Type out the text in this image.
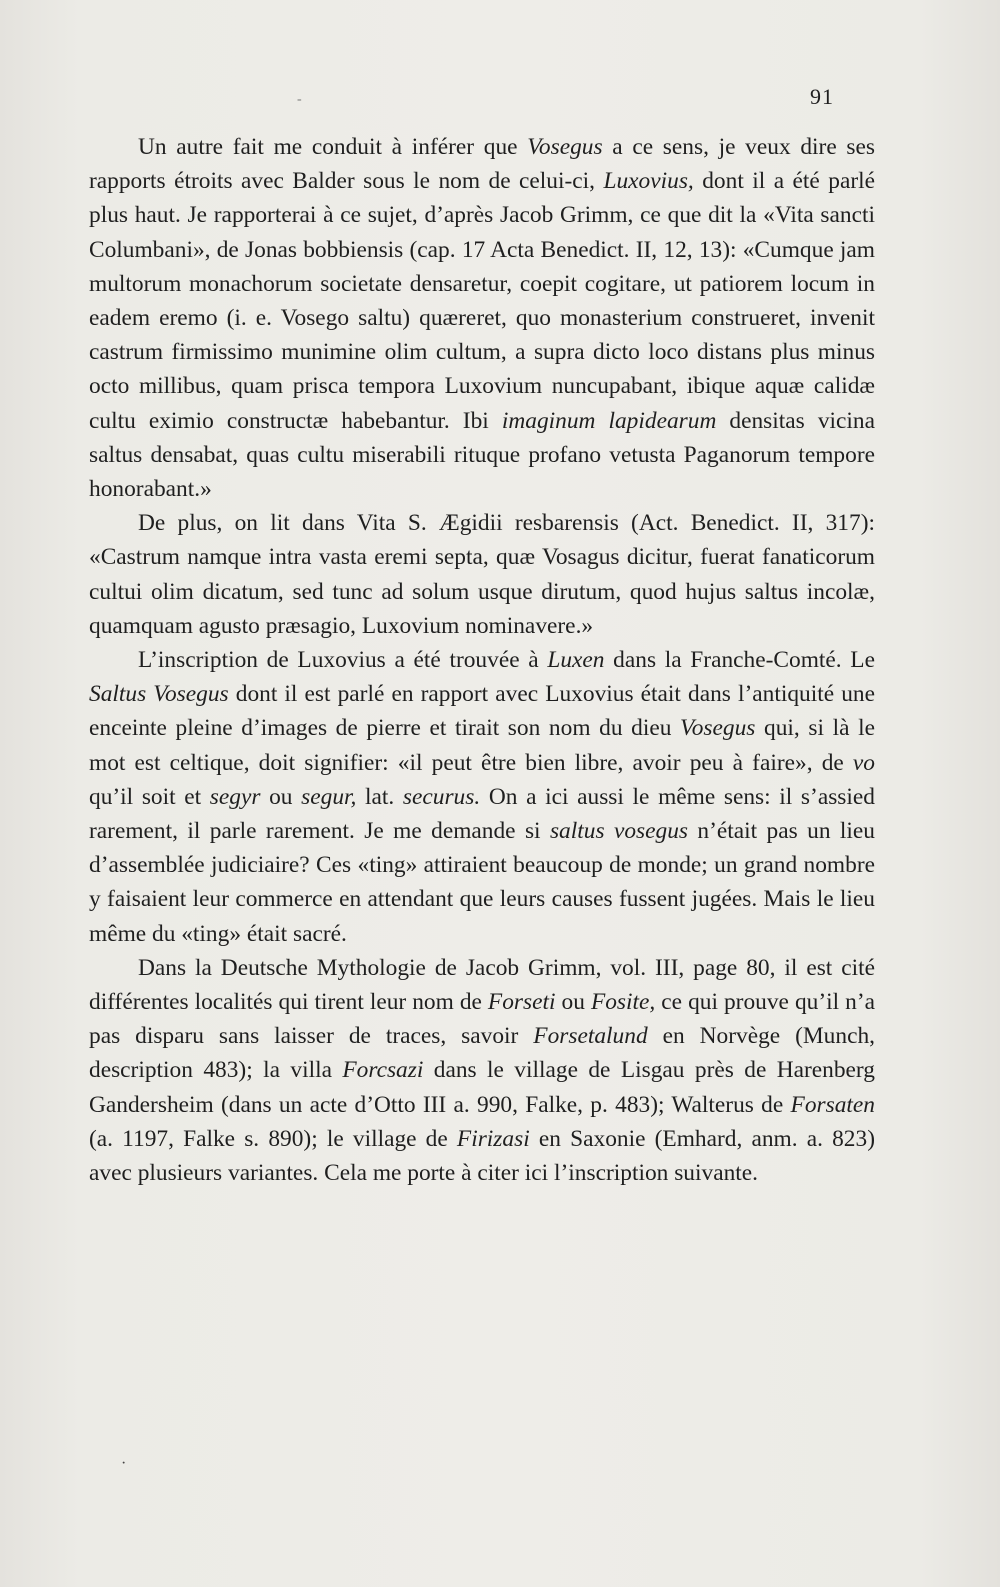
-	91

Un autre fait me conduit à inférer que Vosegus a ce sens, je veux dire ses rapports étroits avec Balder sous le nom de celui-ci, Luxovius, dont il a été parlé plus haut. Je rapporterai à ce sujet, d’après Jacob Grimm, ce que dit la «Vita sancti Columbani», de Jonas bobbiensis (cap. 17 Acta Benedict. II, 12, 13): «Cumque jam multorum monachorum societate densaretur, coepit cogitare, ut patiorem locum in eadem eremo (i. e. Vosego saltu) quæreret, quo monasterium construeret, invenit castrum firmissimo munimine olim cultum, a supra dicto loco distans plus minus octo millibus, quam prisca tempora Luxovium nuncupabant, ibique aquæ calidæ cultu eximio constructæ habebantur. Ibi imaginum lapidearum densitas vicina saltus densabat, quas cultu miserabili rituque profano vetusta Paganorum tempore honorabant.»

De plus, on lit dans Vita S. Ægidii resbarensis (Act. Benedict. II, 317): «Castrum namque intra vasta eremi septa, quæ Vosagus dicitur, fuerat fanaticorum cultui olim dicatum, sed tunc ad solum usque dirutum, quod hujus saltus incolæ, quamquam agusto præsagio, Luxovium nominavere.»

L’inscription de Luxovius a été trouvée à Luxen dans la Franche-Comté. Le Saltus Vosegus dont il est parlé en rapport avec Luxovius était dans l’antiquité une enceinte pleine d’images de pierre et tirait son nom du dieu Vosegus qui, si là le mot est celtique, doit signifier: «il peut être bien libre, avoir peu à faire», de vo qu’il soit et segyr ou segur, lat. securus. On a ici aussi le même sens: il s’assied rarement, il parle rarement. Je me demande si saltus vosegus n’était pas un lieu d’assemblée judiciaire? Ces «ting» attiraient beaucoup de monde; un grand nombre y faisaient leur commerce en attendant que leurs causes fussent jugées. Mais le lieu même du «ting» était sacré.

Dans la Deutsche Mythologie de Jacob Grimm, vol. III, page 80, il est cité différentes localités qui tirent leur nom de Forseti ou Fosite, ce qui prouve qu’il n’a pas disparu sans laisser de traces, savoir Forsetalund en Norvège (Munch, description 483); la villa Forcsazi dans le village de Lisgau près de Harenberg Gandersheim (dans un acte d’Otto III a. 990, Falke, p. 483); Walterus de Forsaten (a. 1197, Falke s. 890); le village de Firizasi en Saxonie (Emhard, anm. a. 823) avec plusieurs variantes. Cela me porte à citer ici l’inscription suivante.

·
